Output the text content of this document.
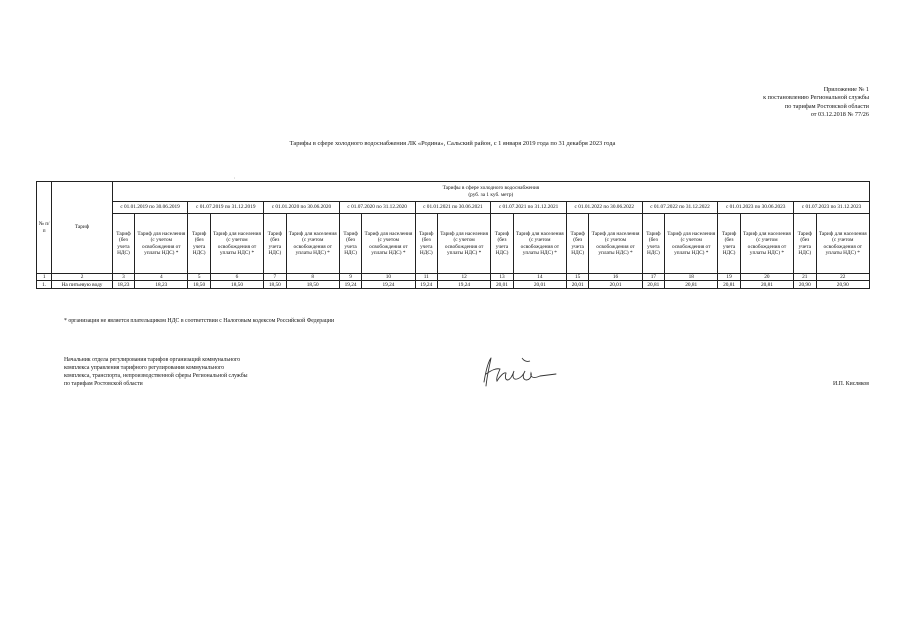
Приложение № 1
к постановлению Региональной службы
по тарифам Ростовской области
от 03.12.2018 № 77/26
Тарифы в сфере холодного водоснабжения ЛК «Родина», Сальский район, с 1 января 2019 года по 31 декабря 2023 года
,
№ п/п	Тариф	Тарифы в сфере холодного водоснабжения
(руб. за 1 куб. метр)																			

		с 01.01.2019 по 30.06.2019		с 01.07.2019 по 31.12.2019		с 01.01.2020 по 30.06.2020		с 01.07.2020 по 31.12.2020		с 01.01.2021 по 30.06.2021		с 01.07.2021 по 31.12.2021		с 01.01.2022 по 30.06.2022		с 01.07.2022 по 31.12.2022		с 01.01.2023 по 30.06.2023		с 01.07.2023 по 31.12.2023	
		Тариф (без учета НДС)	Тариф для населения (с учетом освобождения от уплаты НДС) *	Тариф (без учета НДС)	Тариф для населения (с учетом освобождения от уплаты НДС) *	Тариф (без учета НДС)	Тариф для населения (с учетом освобождения от уплаты НДС) *	Тариф (без учета НДС)	Тариф для населения (с учетом освобождения от уплаты НДС) *	Тариф (без учета НДС)	Тариф для населения (с учетом освобождения от уплаты НДС) *	Тариф (без учета НДС)	Тариф для населения (с учетом освобождения от уплаты НДС) *	Тариф (без учета НДС)	Тариф для населения (с учетом освобождения от уплаты НДС) *	Тариф (без учета НДС)	Тариф для населения (с учетом освобождения от уплаты НДС) *	Тариф (без учета НДС)	Тариф для населения (с учетом освобождения от уплаты НДС) *	Тариф (без учета НДС)	Тариф для населения (с учетом освобождения от уплаты НДС) *
1	2	3	4	5	6	7	8	9	10	11	12	13	14	15	16	17	18	19	20	21	22
1.	На питьевую воду	18,23	18,23	18,50	18,50	18,50	18,50	19,24	19,24	19,24	19,24	20,01	20,01	20,01	20,01	20,81	20,81	20,81	20,81	20,90	20,90
* организация не является плательщиком НДС в соответствии с Налоговым кодексом Российской Федерации
Начальник отдела регулирования тарифов организаций коммунального
комплекса управления тарифного регулирования коммунального
комплекса, транспорта, непроизводственной сферы Региональной службы
по тарифам Ростовской области	И.П. Кисляков
